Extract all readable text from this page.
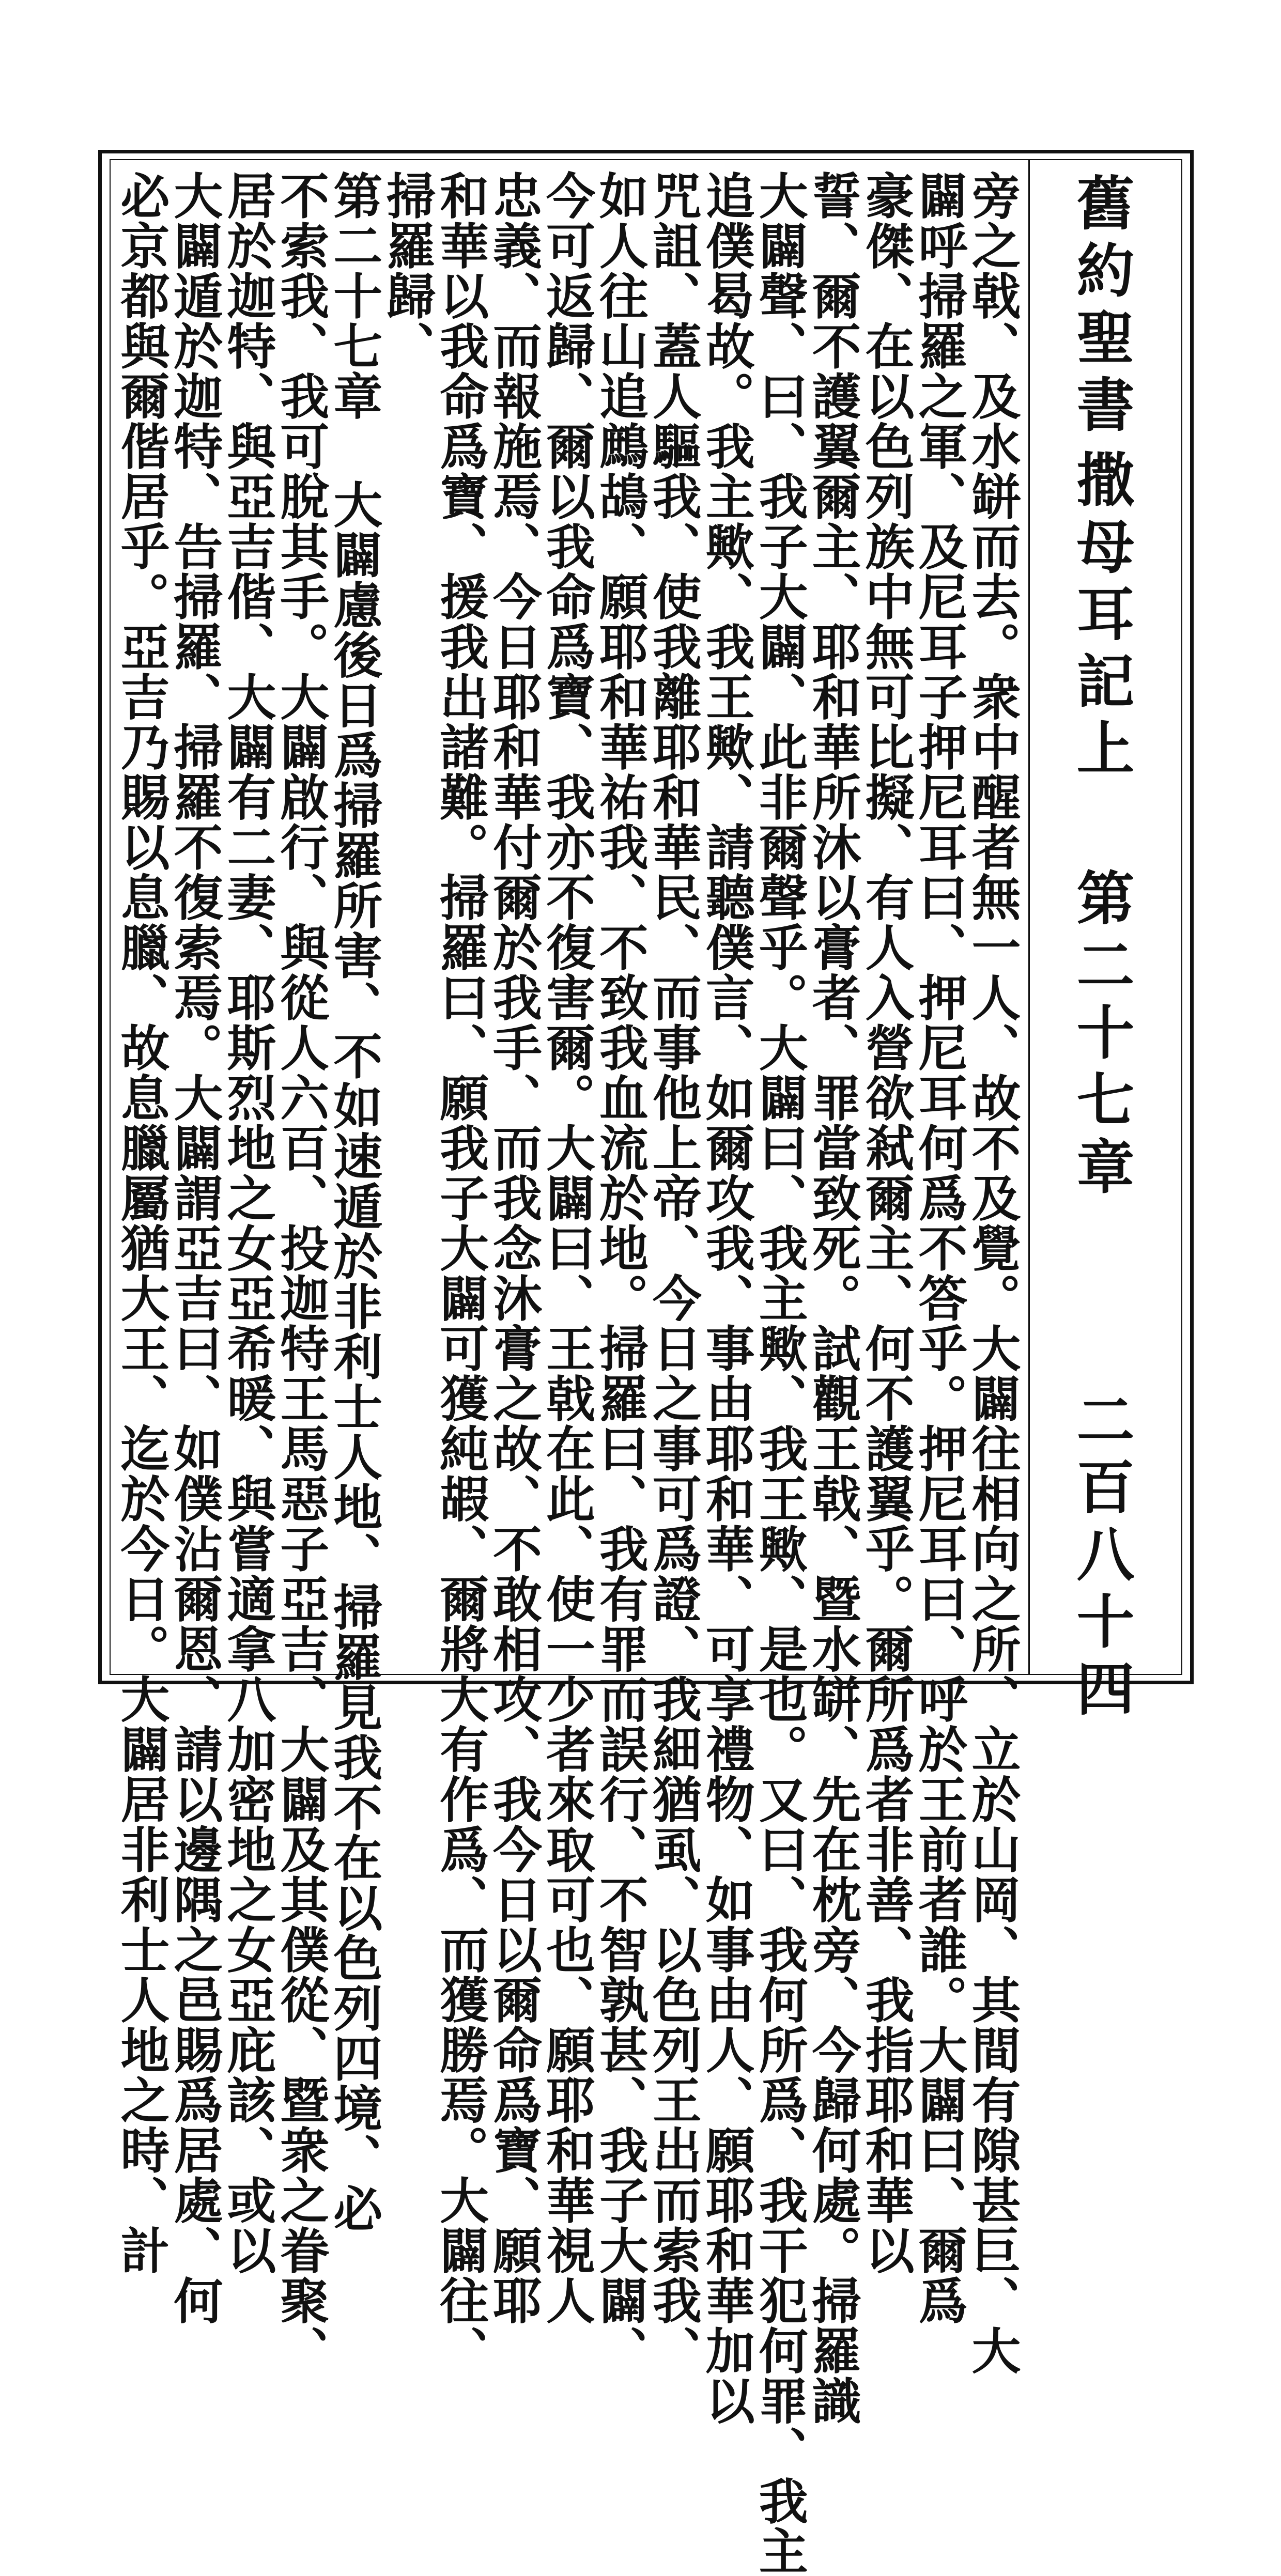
舊約聖書
撒母耳記上
第二十七章
二百八十四
旁之戟、及水缾而去。衆中醒者無一人、故不及覺。大闢往相向之所、立於山岡、其間有隙甚巨、大
闢呼掃羅之軍、及尼耳子押尼耳曰、押尼耳何爲不答乎。押尼耳曰、呼於王前者誰。大闢曰、爾爲
豪傑、在以色列族中無可比擬、有人入營欲弒爾主、何不護翼乎。爾所爲者非善、我指耶和華以
誓、爾不護翼爾主、耶和華所沐以膏者、罪當致死。試觀王戟、暨水缾、先在枕旁、今歸何處。掃羅識
大闢聲、曰、我子大闢、此非爾聲乎。大闢曰、我主歟、我王歟、是也。又曰、我何所爲、我干犯何罪、我主
追僕曷故。我主歟、我王歟、請聽僕言、如爾攻我、事由耶和華、可享禮物、如事由人、願耶和華加以
咒詛、蓋人驅我、使我離耶和華民、而事他上帝、今日之事可爲證、我細猶虱、以色列王出而索我、
如人往山追鷓鴣、願耶和華祐我、不致我血流於地。掃羅曰、我有罪而誤行、不智孰甚、我子大闢、
今可返歸、爾以我命爲寶、我亦不復害爾。大闢曰、王戟在此、使一少者來取可也、願耶和華視人
忠義、而報施焉、今日耶和華付爾於我手、而我念沐膏之故、不敢相攻、我今日以爾命爲寶、願耶
和華以我命爲寶、援我出諸難。掃羅曰、願我子大闢可獲純嘏、爾將大有作爲、而獲勝焉。大闢往、
掃羅歸、
第二十七章 大闢慮後日爲掃羅所害、不如速遁於非利士人地、掃羅見我不在以色列四境、必
不索我、我可脫其手。大闢啟行、與從人六百、投迦特王馬惡子亞吉、大闢及其僕從、暨衆之眷聚、
居於迦特、與亞吉偕、大闢有二妻、耶斯烈地之女亞希暖、與嘗適拿八加密地之女亞庇該、或以
大闢遁於迦特、告掃羅、掃羅不復索焉。大闢謂亞吉曰、如僕沾爾恩、請以邊隅之邑賜爲居處、何
必京都與爾偕居乎。亞吉乃賜以息臘、故息臘屬猶大王、迄於今日。大闢居非利士人地之時、計
